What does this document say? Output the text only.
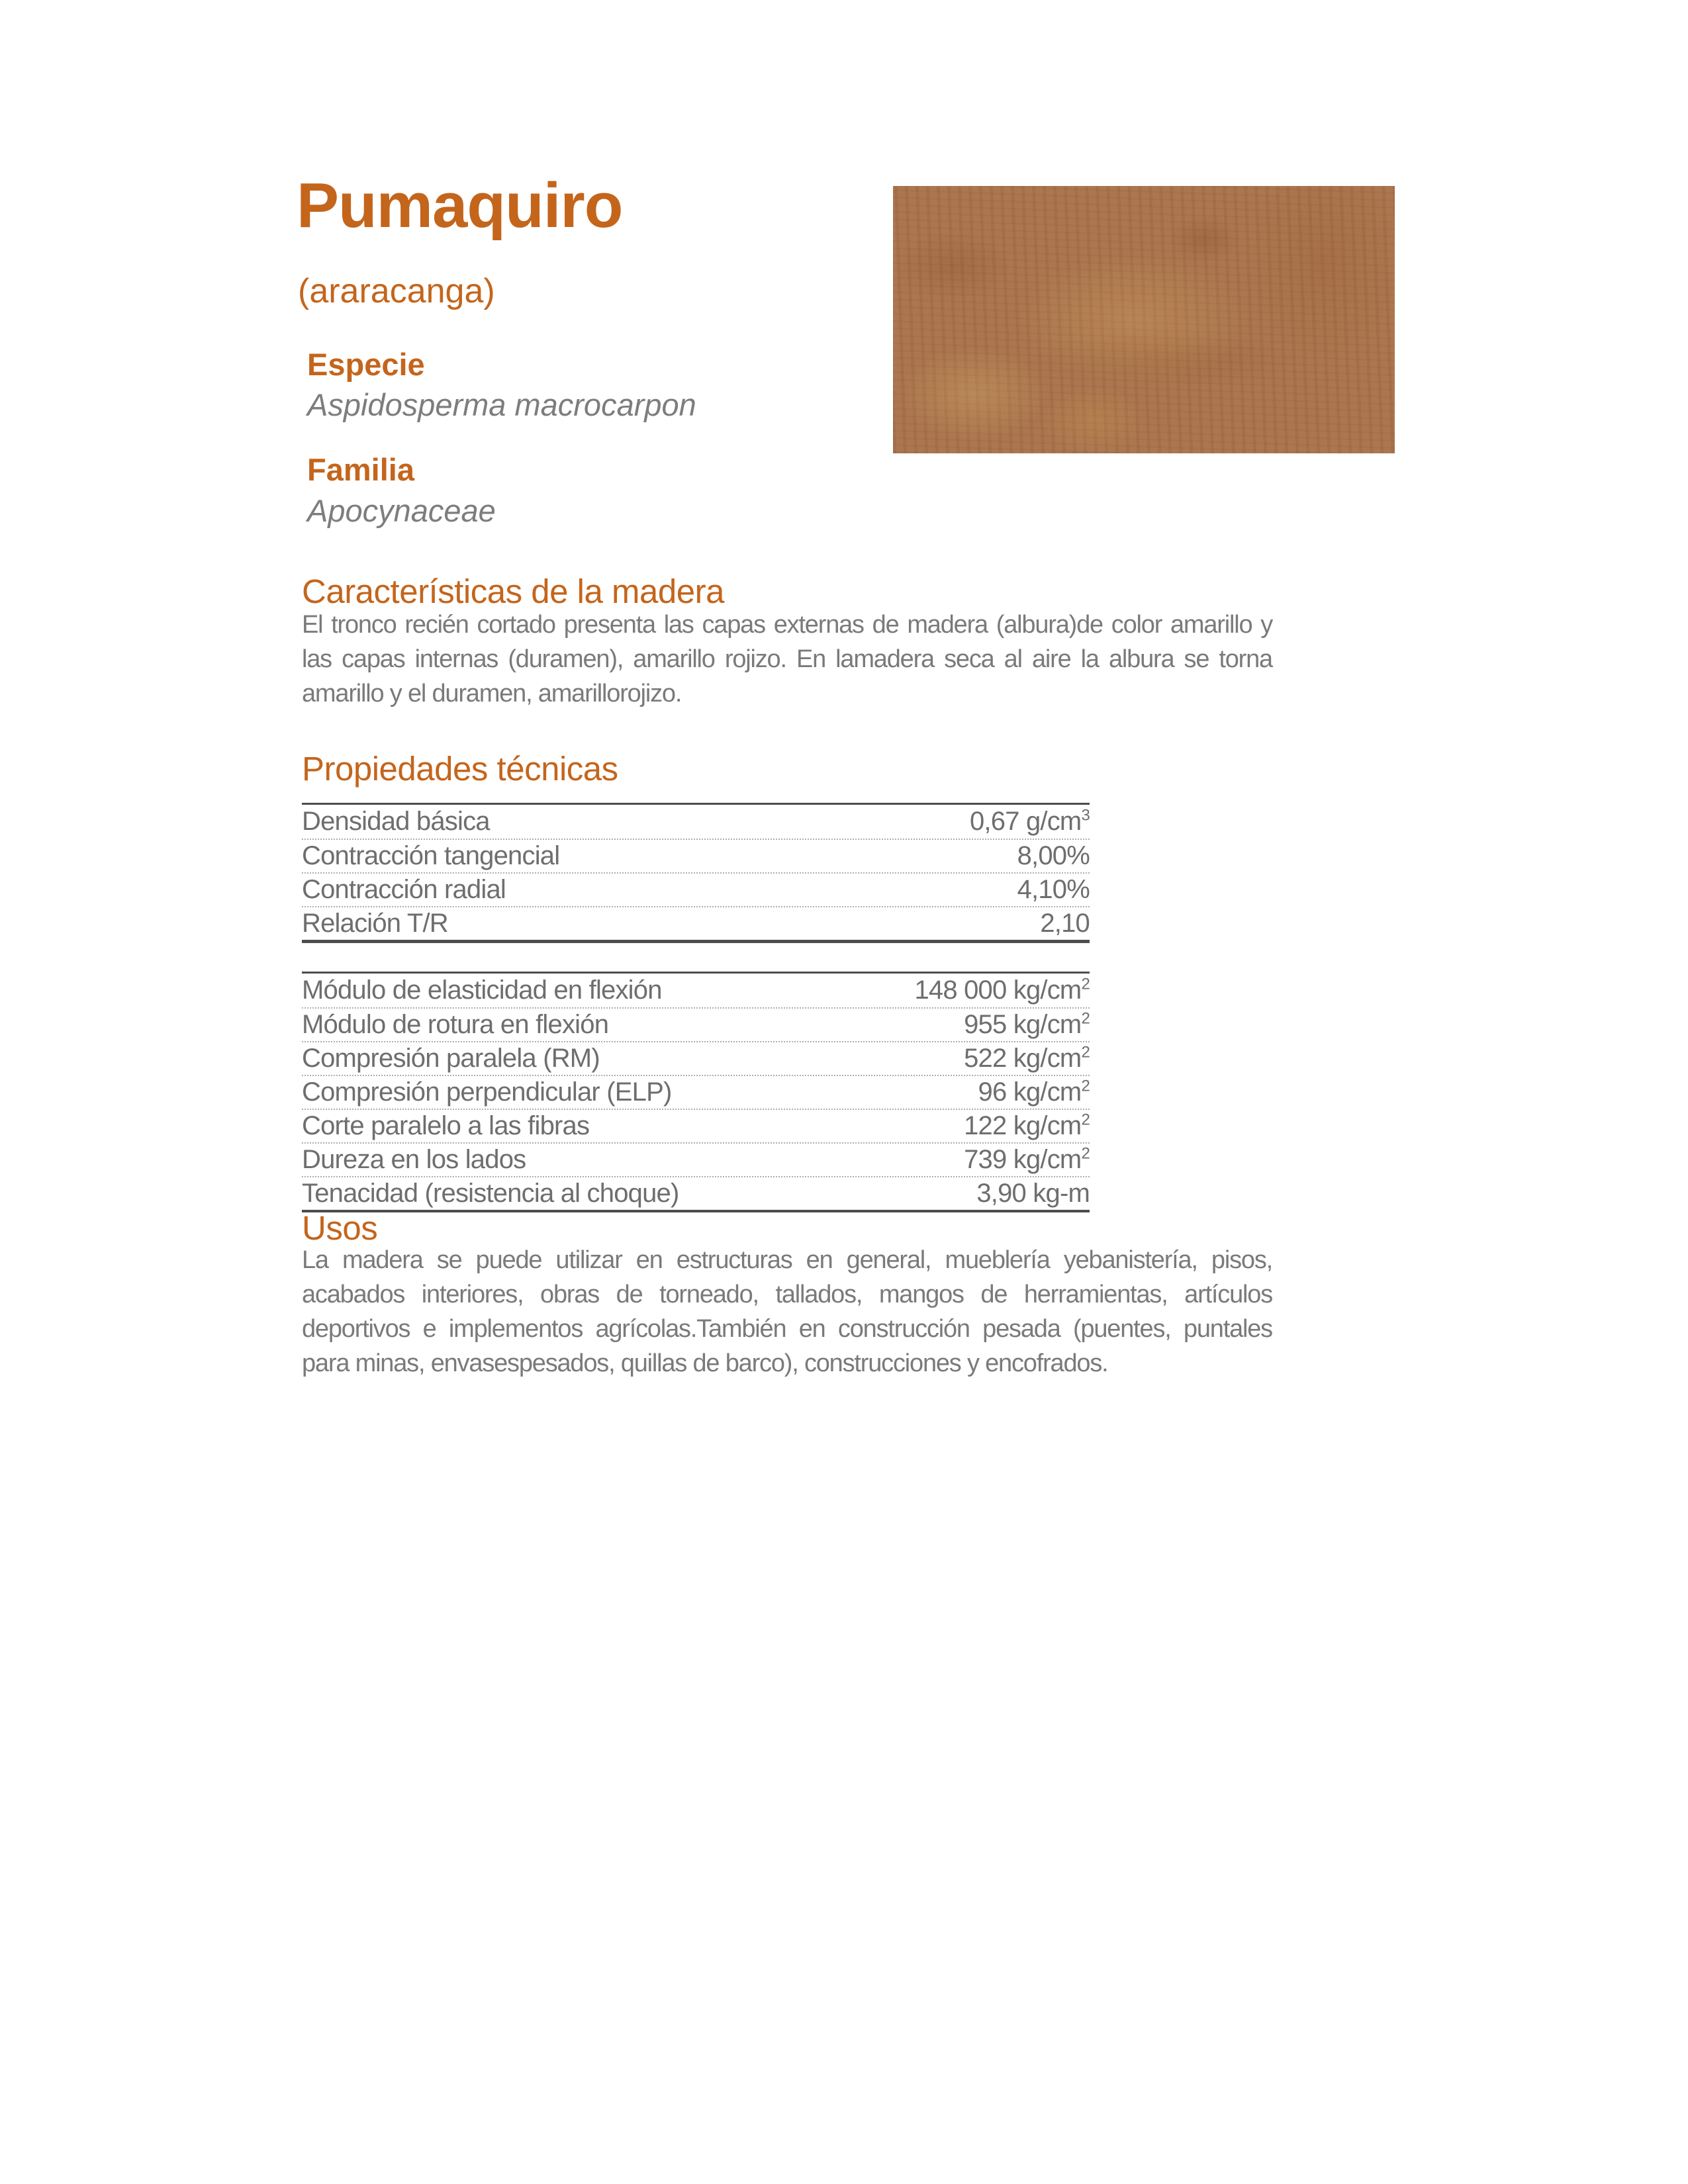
Pumaquiro
(araracanga)
Especie
Aspidosperma macrocarpon
Familia
Apocynaceae
Características de la madera
El tronco recién cortado presenta las capas externas de madera (albura)de color amarillo y las capas internas (duramen), amarillo rojizo. En lamadera seca al aire la albura se torna amarillo y el duramen, amarillorojizo.
Propiedades técnicas
Densidad básica	0,67 $g/cm^3$
Contracción tangencial	8,00%
Contracción radial	4,10%
Relación T/R	2,10
Módulo de elasticidad en flexión	148 000 $kg/cm^2$
Módulo de rotura en flexión	955 $kg/cm^2$
Compresión paralela (RM)	522 $kg/cm^2$
Compresión perpendicular (ELP)	96 $kg/cm^2$
Corte paralelo a las fibras	122 $kg/cm^2$
Dureza en los lados	739 $kg/cm^2$
Tenacidad (resistencia al choque)	3,90 kg-m
Usos
La madera se puede utilizar en estructuras en general, mueblería yebanistería, pisos, acabados interiores, obras de torneado, tallados, mangos de herramientas, artículos deportivos e implementos agrícolas.También en construcción pesada (puentes, puntales para minas, envasespesados, quillas de barco), construcciones y encofrados.
